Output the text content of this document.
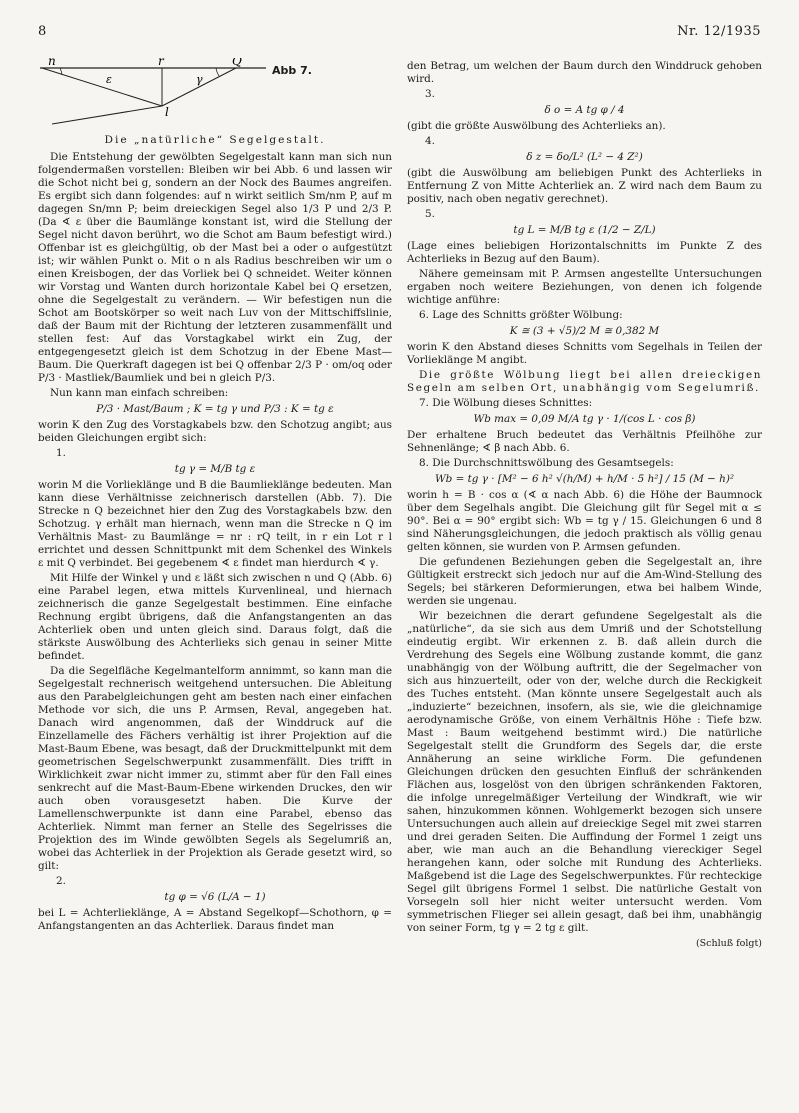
8	Nr. 12/1935
n	r	Q
ε	γ
l
Abb 7.
Die „natürliche“ Segelgestalt.

Die Entstehung der gewölbten Segelgestalt kann man sich nun folgendermaßen vorstellen: Bleiben wir bei Abb. 6 und lassen wir die Schot nicht bei g, sondern an der Nock des Baumes angreifen. Es ergibt sich dann folgendes: auf n wirkt seitlich Sm/nm P, auf m dagegen Sn/mn P; beim dreieckigen Segel also 1/3 P und 2/3 P. (Da ∢ ε über die Baumlänge konstant ist, wird die Stellung der Segel nicht davon berührt, wo die Schot am Baum befestigt wird.) Offenbar ist es gleichgültig, ob der Mast bei a oder o aufgestützt ist; wir wählen Punkt o. Mit o n als Radius beschreiben wir um o einen Kreisbogen, der das Vorliek bei Q schneidet. Weiter können wir Vorstag und Wanten durch horizontale Kabel bei Q ersetzen, ohne die Segelgestalt zu verändern. — Wir befestigen nun die Schot am Bootskörper so weit nach Luv von der Mittschiffslinie, daß der Baum mit der Richtung der letzteren zusammenfällt und stellen fest: Auf das Vorstagkabel wirkt ein Zug, der entgegengesetzt gleich ist dem Schotzug in der Ebene Mast—Baum. Die Querkraft dagegen ist bei Q offenbar 2/3 P · om/oq oder P/3 · Mastliek/Baumliek und bei n gleich P/3.

Nun kann man einfach schreiben:

P/3 · Mast/Baum ; K = tg γ und P/3 : K = tg ε

worin K den Zug des Vorstagkabels bzw. den Schotzug angibt; aus beiden Gleichungen ergibt sich:

1.

tg γ = M/B tg ε

worin M die Vorlieklänge und B die Baumlieklänge bedeuten. Man kann diese Verhältnisse zeichnerisch darstellen (Abb. 7). Die Strecke n Q bezeichnet hier den Zug des Vorstagkabels bzw. den Schotzug. γ erhält man hiernach, wenn man die Strecke n Q im Verhältnis Mast- zu Baumlänge = nr : rQ teilt, in r ein Lot r l errichtet und dessen Schnittpunkt mit dem Schenkel des Winkels ε mit Q verbindet. Bei gegebenem ∢ ε findet man hierdurch ∢ γ.

Mit Hilfe der Winkel γ und ε läßt sich zwischen n und Q (Abb. 6) eine Parabel legen, etwa mittels Kurvenlineal, und hiernach zeichnerisch die ganze Segelgestalt bestimmen. Eine einfache Rechnung ergibt übrigens, daß die Anfangstangenten an das Achterliek oben und unten gleich sind. Daraus folgt, daß die stärkste Auswölbung des Achterlieks sich genau in seiner Mitte befindet.

Da die Segelfläche Kegelmantelform annimmt, so kann man die Segelgestalt rechnerisch weitgehend untersuchen. Die Ableitung aus den Parabelgleichungen geht am besten nach einer einfachen Methode vor sich, die uns P. Armsen, Reval, angegeben hat. Danach wird angenommen, daß der Winddruck auf die Einzellamelle des Fächers verhältig ist ihrer Projektion auf die Mast-Baum Ebene, was besagt, daß der Druckmittelpunkt mit dem geometrischen Segelschwerpunkt zusammenfällt. Dies trifft in Wirklichkeit zwar nicht immer zu, stimmt aber für den Fall eines senkrecht auf die Mast-Baum-Ebene wirkenden Druckes, den wir auch oben vorausgesetzt haben. Die Kurve der Lamellenschwerpunkte ist dann eine Parabel, ebenso das Achterliek. Nimmt man ferner an Stelle des Segelrisses die Projektion des im Winde gewölbten Segels als Segelumriß an, wobei das Achterliek in der Projektion als Gerade gesetzt wird, so gilt:

2.

tg φ = √6 (L/A − 1)

bei L = Achterlieklänge, A = Abstand Segelkopf—Schothorn, φ = Anfangstangenten an das Achterliek. Daraus findet man

den Betrag, um welchen der Baum durch den Winddruck gehoben wird.

3.

δ o = A tg φ / 4

(gibt die größte Auswölbung des Achterlieks an).

4.

δ z = δo/L² (L² − 4 Z²)

(gibt die Auswölbung am beliebigen Punkt des Achterlieks in Entfernung Z von Mitte Achterliek an. Z wird nach dem Baum zu positiv, nach oben negativ gerechnet).

5.

tg L = M/B tg ε (1/2 − Z/L)

(Lage eines beliebigen Horizontalschnitts im Punkte Z des Achterlieks in Bezug auf den Baum).

Nähere gemeinsam mit P. Armsen angestellte Untersuchungen ergaben noch weitere Beziehungen, von denen ich folgende wichtige anführe:

6. Lage des Schnitts größter Wölbung:

K ≅ (3 + √5)/2 M ≅ 0,382 M

worin K den Abstand dieses Schnitts vom Segelhals in Teilen der Vorlieklänge M angibt.

Die größte Wölbung liegt bei allen dreieckigen Segeln am selben Ort, unabhängig vom Segelumriß.

7. Die Wölbung dieses Schnittes:

Wb max = 0,09 M/A tg γ · 1/(cos L · cos β)

Der erhaltene Bruch bedeutet das Verhältnis Pfeilhöhe zur Sehnenlänge; ∢ β nach Abb. 6.

8. Die Durchschnittswölbung des Gesamtsegels:

Wb = tg γ · [M² − 6 h² √(h/M) + h/M · 5 h²] / 15 (M − h)²

worin h = B · cos α (∢ α nach Abb. 6) die Höhe der Baumnock über dem Segelhals angibt. Die Gleichung gilt für Segel mit α ≤ 90°. Bei α = 90° ergibt sich: Wb = tg γ / 15. Gleichungen 6 und 8 sind Näherungsgleichungen, die jedoch praktisch als völlig genau gelten können, sie wurden von P. Armsen gefunden.

Die gefundenen Beziehungen geben die Segelgestalt an, ihre Gültigkeit erstreckt sich jedoch nur auf die Am-Wind-Stellung des Segels; bei stärkeren Deformierungen, etwa bei halbem Winde, werden sie ungenau.

Wir bezeichnen die derart gefundene Segelgestalt als die „natürliche“, da sie sich aus dem Umriß und der Schotstellung eindeutig ergibt. Wir erkennen z. B. daß allein durch die Verdrehung des Segels eine Wölbung zustande kommt, die ganz unabhängig von der Wölbung auftritt, die der Segelmacher von sich aus hinzuerteilt, oder von der, welche durch die Reckigkeit des Tuches entsteht. (Man könnte unsere Segelgestalt auch als „induzierte“ bezeichnen, insofern, als sie, wie die gleichnamige aerodynamische Größe, von einem Verhältnis Höhe : Tiefe bzw. Mast : Baum weitgehend bestimmt wird.) Die natürliche Segelgestalt stellt die Grundform des Segels dar, die erste Annäherung an seine wirkliche Form. Die gefundenen Gleichungen drücken den gesuchten Einfluß der schränkenden Flächen aus, losgelöst von den übrigen schränkenden Faktoren, die infolge unregelmäßiger Verteilung der Windkraft, wie wir sahen, hinzukommen können. Wohlgemerkt bezogen sich unsere Untersuchungen auch allein auf dreieckige Segel mit zwei starren und drei geraden Seiten. Die Auffindung der Formel 1 zeigt uns aber, wie man auch an die Behandlung viereckiger Segel herangehen kann, oder solche mit Rundung des Achterlieks. Maßgebend ist die Lage des Segelschwerpunktes. Für rechteckige Segel gilt übrigens Formel 1 selbst. Die natürliche Gestalt von Vorsegeln soll hier nicht weiter untersucht werden. Vom symmetrischen Flieger sei allein gesagt, daß bei ihm, unabhängig von seiner Form, tg γ = 2 tg ε gilt.

(Schluß folgt)
